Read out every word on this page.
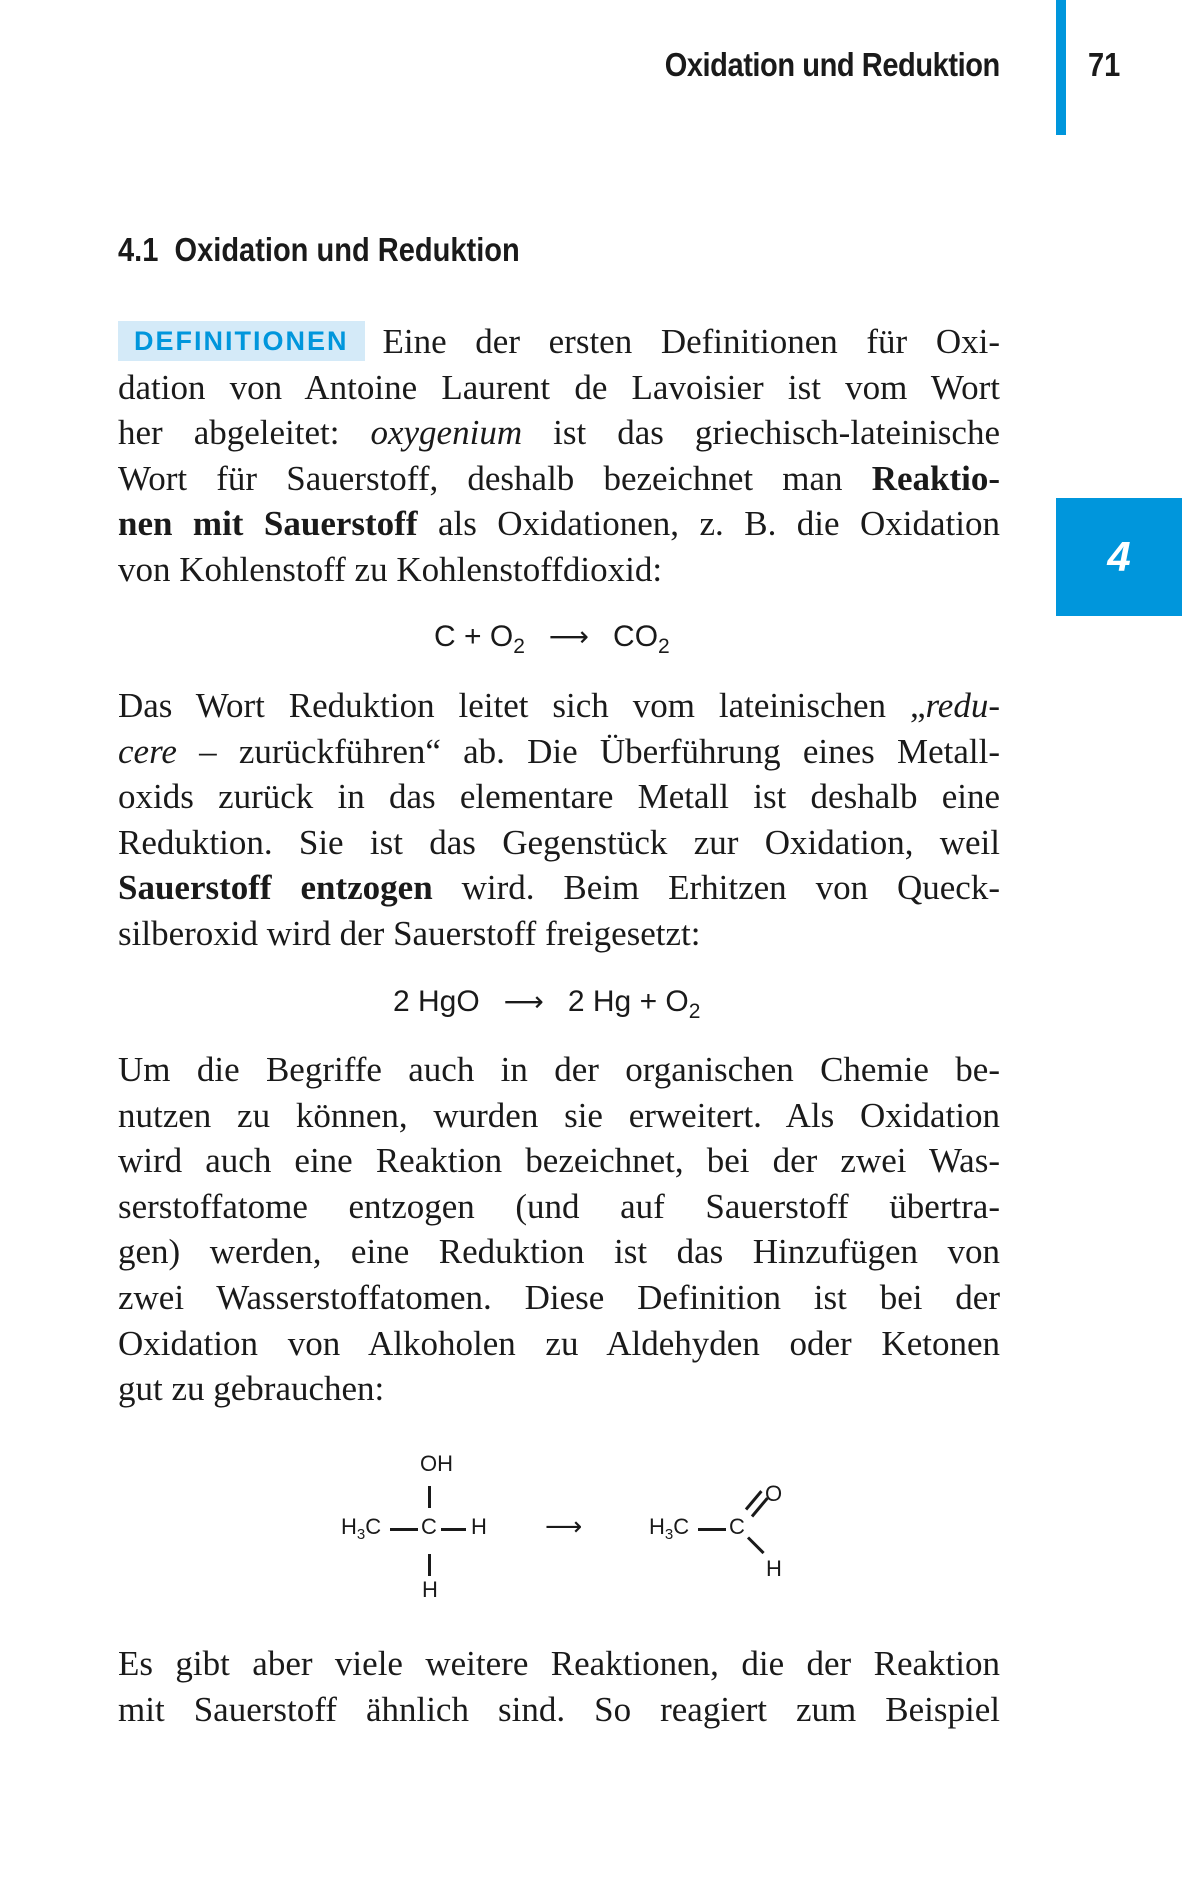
Oxidation und Reduktion	71
4
4.1 Oxidation und Reduktion
DEFINITIONEN Eine der ersten Definitionen für Oxi-
dation von Antoine Laurent de Lavoisier ist vom Wort
her abgeleitet: oxygenium ist das griechisch-lateinische
Wort für Sauerstoff, deshalb bezeichnet man Reaktio-
nen mit Sauerstoff als Oxidationen, z. B. die Oxidation
von Kohlenstoff zu Kohlenstoffdioxid:
$C + O_2$ ⟶ $CO_2$
Das Wort Reduktion leitet sich vom lateinischen „redu-
cere – zurückführen“ ab. Die Überführung eines Metall-
oxids zurück in das elementare Metall ist deshalb eine
Reduktion. Sie ist das Gegenstück zur Oxidation, weil
Sauerstoff entzogen wird. Beim Erhitzen von Queck-
silberoxid wird der Sauerstoff freigesetzt:
2 HgO ⟶ 2 $Hg + O_2$
Um die Begriffe auch in der organischen Chemie be-
nutzen zu können, wurden sie erweitert. Als Oxidation
wird auch eine Reaktion bezeichnet, bei der zwei Was-
serstoffatome entzogen (und auf Sauerstoff übertra-
gen) werden, eine Reduktion ist das Hinzufügen von
zwei Wasserstoffatomen. Diese Definition ist bei der
Oxidation von Alkoholen zu Aldehyden oder Ketonen
gut zu gebrauchen:
OH
$H_3C$ C H
H
⟶	$H_3C$ C
O
H
Es gibt aber viele weitere Reaktionen, die der Reaktion
mit Sauerstoff ähnlich sind. So reagiert zum Beispiel
